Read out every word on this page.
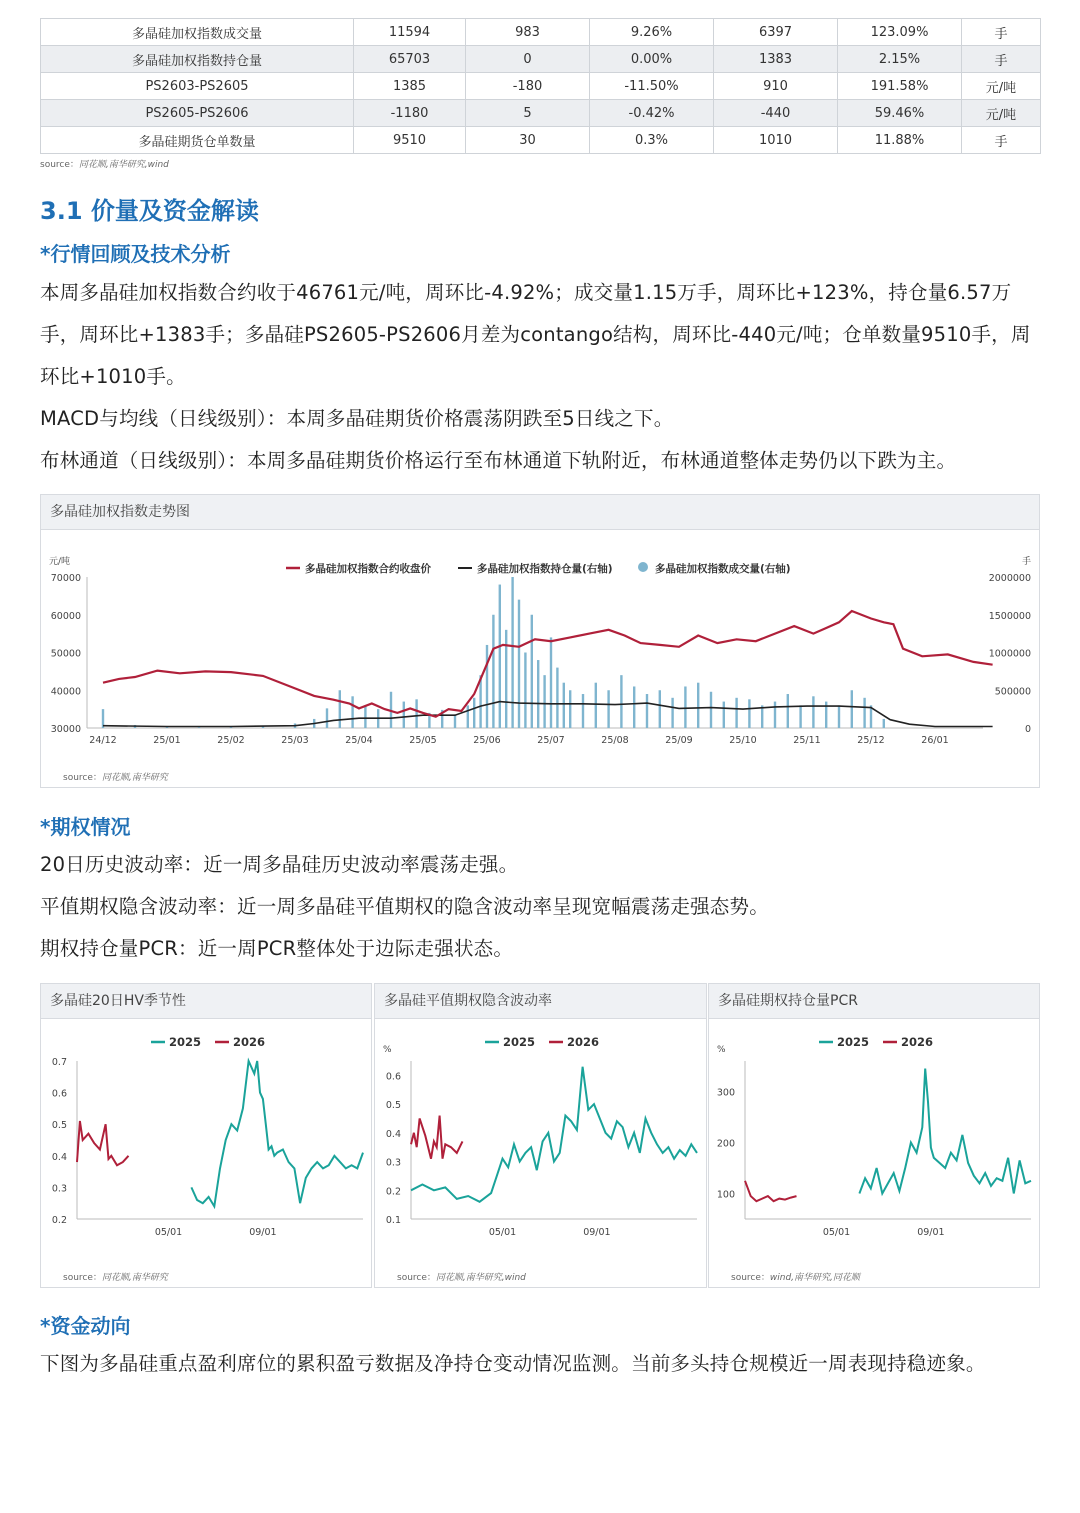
多晶硅加权指数成交量	11594	983	9.26%	6397	123.09%	手
多晶硅加权指数持仓量	65703	0	0.00%	1383	2.15%	手
PS2603-PS2605	1385	-180	-11.50%	910	191.58%	元/吨
PS2605-PS2606	-1180	5	-0.42%	-440	59.46%	元/吨
多晶硅期货仓单数量	9510	30	0.3%	1010	11.88%	手
source：同花顺,南华研究,wind
3.1 价量及资金解读
*行情回顾及技术分析

本周多晶硅加权指数合约收于46761元/吨，周环比-4.92%；成交量1.15万手，周环比+123%，持仓量6.57万手，周环比+1383手；多晶硅PS2605-PS2606月差为contango结构，周环比-440元/吨；仓单数量9510手，周环比+1010手。

MACD与均线（日线级别）：本周多晶硅期货价格震荡阴跌至5日线之下。

布林通道（日线级别）：本周多晶硅期货价格运行至布林通道下轨附近，布林通道整体走势仍以下跌为主。

多晶硅加权指数走势图
元/吨	手
70000
60000
50000
40000
30000
2000000
1500000
1000000
500000
0
24/12	25/01	25/02	25/03	25/04	25/05	25/06	25/07	25/08	25/09	25/10	25/11	25/12	26/01
多晶硅加权指数合约收盘价	多晶硅加权指数持仓量(右轴)	多晶硅加权指数成交量(右轴)
source：同花顺,南华研究
*期权情况

20日历史波动率：近一周多晶硅历史波动率震荡走强。

平值期权隐含波动率：近一周多晶硅平值期权的隐含波动率呈现宽幅震荡走强态势。

期权持仓量PCR：近一周PCR整体处于边际走强状态。

多晶硅20日HV季节性
0.7
0.6
0.5
0.4
0.3
0.2
05/01	09/01
2025	2026
source：同花顺,南华研究
多晶硅平值期权隐含波动率
%
0.6
0.5
0.4
0.3
0.2
0.1
05/01	09/01
2025	2026
source：同花顺,南华研究,wind
多晶硅期权持仓量PCR
%
300
200
100
05/01	09/01
2025	2026
source：wind,南华研究,同花顺
*资金动向

下图为多晶硅重点盈利席位的累积盈亏数据及净持仓变动情况监测。当前多头持仓规模近一周表现持稳迹象。
